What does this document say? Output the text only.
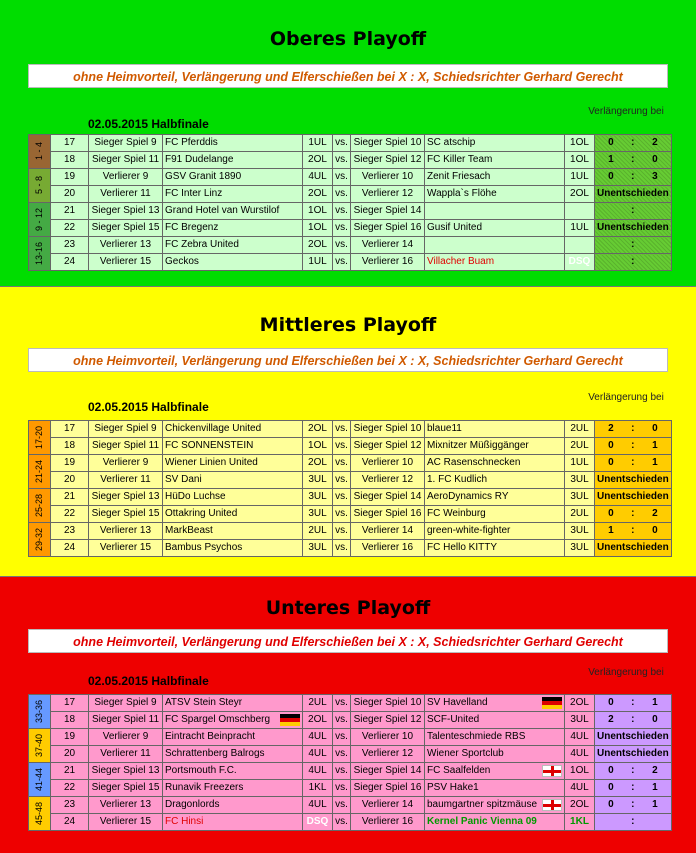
Oberes Playoff
ohne Heimvorteil, Verlängerung und Elferschießen bei X : X, Schiedsrichter Gerhard Gerecht
02.05.2015 Halbfinale
Verlängerung bei
1 - 4	17	Sieger Spiel 9	FC Pferddis	1UL	vs.	Sieger Spiel 10	SC atschip	1OL	0 : 2
	18	Sieger Spiel 11	F91 Dudelange	2OL	vs.	Sieger Spiel 12	FC Killer Team	1OL	1 : 0

5 - 8	19	Verlierer 9	GSV Granit 1890	4UL	vs.	Verlierer 10	Zenit Friesach	1UL	0 : 3
	20	Verlierer 11	FC Inter Linz	2OL	vs.	Verlierer 12	Wappla`s Flöhe	2OL	Unentschieden

9 - 12	21	Sieger Spiel 13	Grand Hotel van Wurstilof	1OL	vs.	Sieger Spiel 14			:
	22	Sieger Spiel 15	FC Bregenz	1OL	vs.	Sieger Spiel 16	Gusif United	1UL	Unentschieden

13-16	23	Verlierer 13	FC Zebra United	2OL	vs.	Verlierer 14			:
	24	Verlierer 15	Geckos	1UL	vs.	Verlierer 16	Villacher Buam	DSQ	:
Mittleres Playoff
ohne Heimvorteil, Verlängerung und Elferschießen bei X : X, Schiedsrichter Gerhard Gerecht
02.05.2015 Halbfinale
Verlängerung bei
17-20	17	Sieger Spiel 9	Chickenvillage United	2OL	vs.	Sieger Spiel 10	blaue11	2UL	2 : 0
	18	Sieger Spiel 11	FC SONNENSTEIN	1OL	vs.	Sieger Spiel 12	Mixnitzer Müßiggänger	2UL	0 : 1

21-24	19	Verlierer 9	Wiener Linien United	2OL	vs.	Verlierer 10	AC Rasenschnecken	1UL	0 : 1
	20	Verlierer 11	SV Dani	3UL	vs.	Verlierer 12	1. FC Kudlich	3UL	Unentschieden

25-28	21	Sieger Spiel 13	HüDo Luchse	3UL	vs.	Sieger Spiel 14	AeroDynamics RY	3UL	Unentschieden
	22	Sieger Spiel 15	Ottakring United	3UL	vs.	Sieger Spiel 16	FC Weinburg	2UL	0 : 2

29-32	23	Verlierer 13	MarkBeast	2UL	vs.	Verlierer 14	green-white-fighter	3UL	1 : 0
	24	Verlierer 15	Bambus Psychos	3UL	vs.	Verlierer 16	FC Hello KITTY	3UL	Unentschieden
Unteres Playoff
ohne Heimvorteil, Verlängerung und Elferschießen bei X : X, Schiedsrichter Gerhard Gerecht
02.05.2015 Halbfinale
Verlängerung bei
33-36	17	Sieger Spiel 9	ATSV Stein Steyr	2UL	vs.	Sieger Spiel 10	SV Havelland	2OL	0 : 1
	18	Sieger Spiel 11	FC Spargel Omschberg	2OL	vs.	Sieger Spiel 12	SCF-United	3UL	2 : 0

37-40	19	Verlierer 9	Eintracht Beinpracht	4UL	vs.	Verlierer 10	Talenteschmiede RBS	4UL	Unentschieden
	20	Verlierer 11	Schrattenberg Balrogs	4UL	vs.	Verlierer 12	Wiener Sportclub	4UL	Unentschieden

41-44	21	Sieger Spiel 13	Portsmouth F.C.	4UL	vs.	Sieger Spiel 14	FC Saalfelden	1OL	0 : 2
	22	Sieger Spiel 15	Runavik Freezers	1KL	vs.	Sieger Spiel 16	PSV Hake1	4UL	0 : 1

45-48	23	Verlierer 13	Dragonlords	4UL	vs.	Verlierer 14	baumgartner spitzmäuse	2OL	0 : 1
	24	Verlierer 15	FC Hinsi	DSQ	vs.	Verlierer 16	Kernel Panic Vienna 09	1KL	:
